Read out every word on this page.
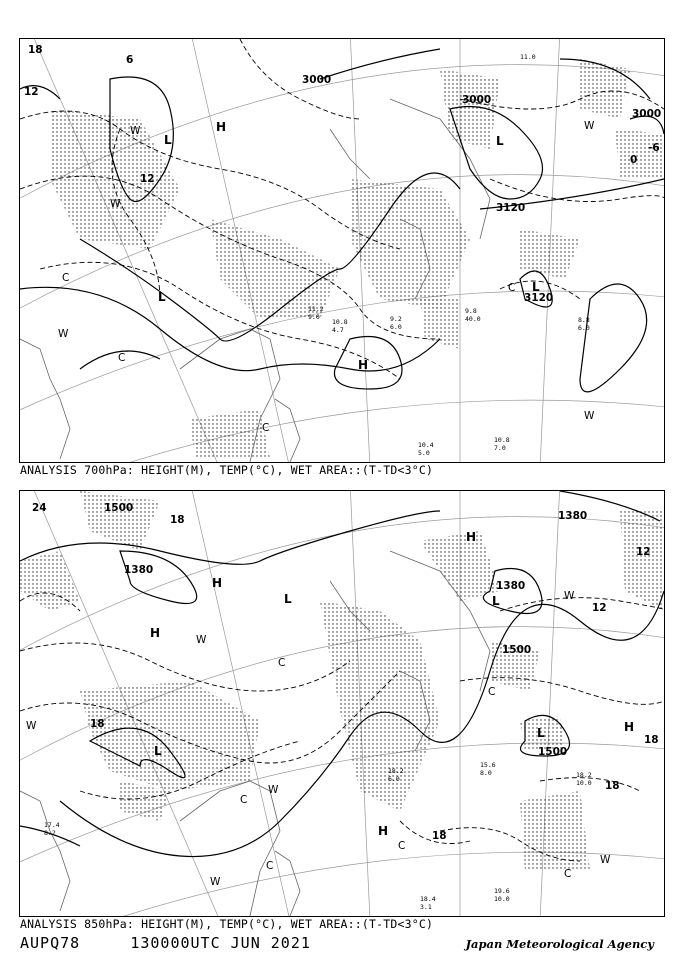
10.4
5.0
10.8
7.0
8.8
6.0
9.8
40.0
9.2
6.0
10.8
4.7
11.2
9.0
11.0
3000
3000
3000
3120
3120
12
12
18
6
0
-6
L	L
L
L
H
H
W
W
W
W
W
C
C
C
C
ANALYSIS 700hPa: HEIGHT(M), TEMP(°C), WET AREA::(T-TD<3°C)
18.4
3.1
19.6
10.0
18.2
10.0
15.6
8.0
17.4
8.2
18.2
6.0
1500
1500
1500
1380
1380
1380
24
18
18
18
18
12
12
18
L
L
L
L
H
H
H
H
H
W
W
W
W
W
W
C
C
C
C
C
C
ANALYSIS 850hPa: HEIGHT(M), TEMP(°C), WET AREA::(T-TD<3°C)
AUPQ78	130000UTC JUN 2021	Japan Meteorological Agency
